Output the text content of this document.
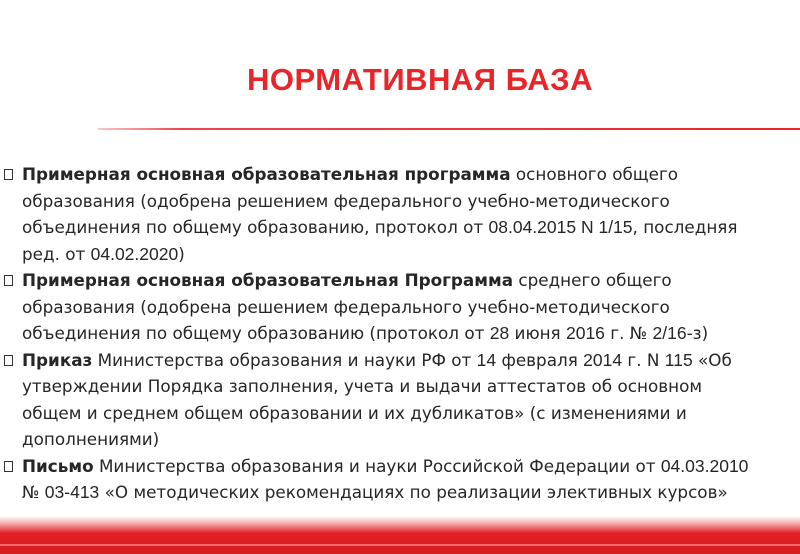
НОРМАТИВНАЯ БАЗА
Примерная основная образовательная программа основного общего образования (одобрена решением федерального учебно-методического объединения по общему образованию, протокол от 08.04.2015 N 1/15, последняя ред. от 04.02.2020)
Примерная основная образовательная Программа среднего общего образования (одобрена решением федерального учебно-методического объединения по общему образованию (протокол от 28 июня 2016 г. № 2/16-з)
Приказ Министерства образования и науки РФ от 14 февраля 2014 г. N 115 «Об утверждении Порядка заполнения, учета и выдачи аттестатов об основном общем и среднем общем образовании и их дубликатов» (с изменениями и дополнениями)
Письмо Министерства образования и науки Российской Федерации от 04.03.2010 № 03-413 «О методических рекомендациях по реализации элективных курсов»
